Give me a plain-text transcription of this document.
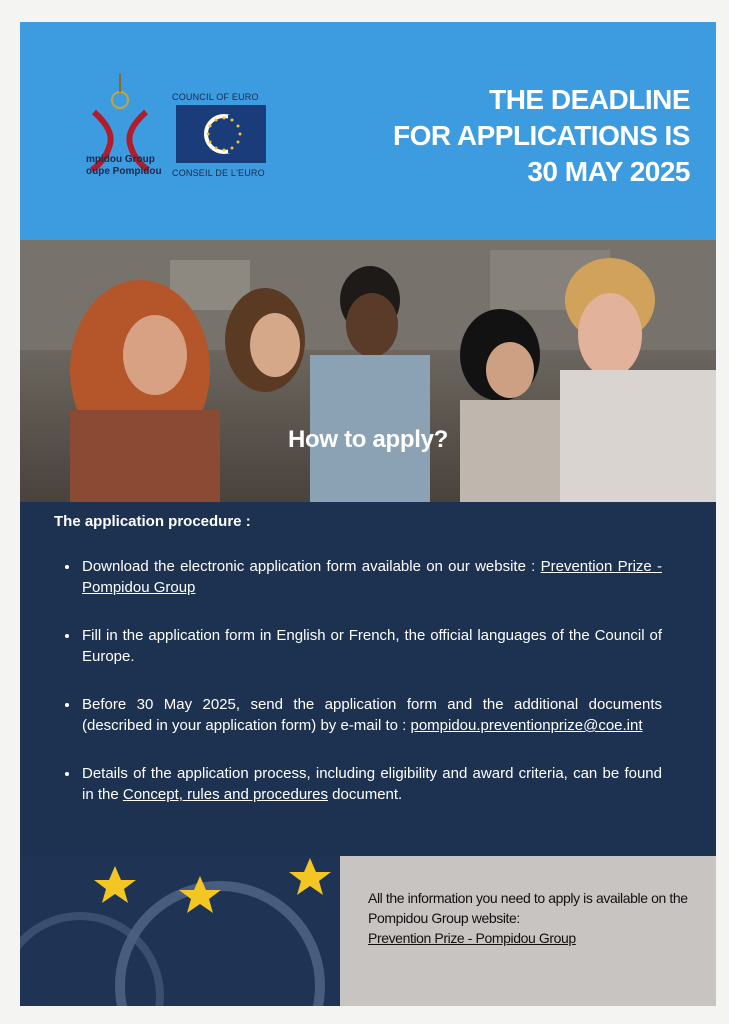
mpidou Group
oupe Pompidou
COUNCIL OF EURO
CONSEIL DE L'EURO
THE DEADLINE
FOR APPLICATIONS IS
30 MAY 2025
How to apply?
The application procedure :
Download the electronic application form available on our website : Prevention Prize - Pompidou Group
Fill in the application form in English or French, the official languages of the Council of Europe.
Before 30 May 2025, send the application form and the additional documents (described in your application form) by e-mail to : pompidou.preventionprize@coe.int
Details of the application process, including eligibility and award criteria, can be found in the Concept, rules and procedures document.
All the information you need to apply is available on the Pompidou Group website:
Prevention Prize - Pompidou Group
